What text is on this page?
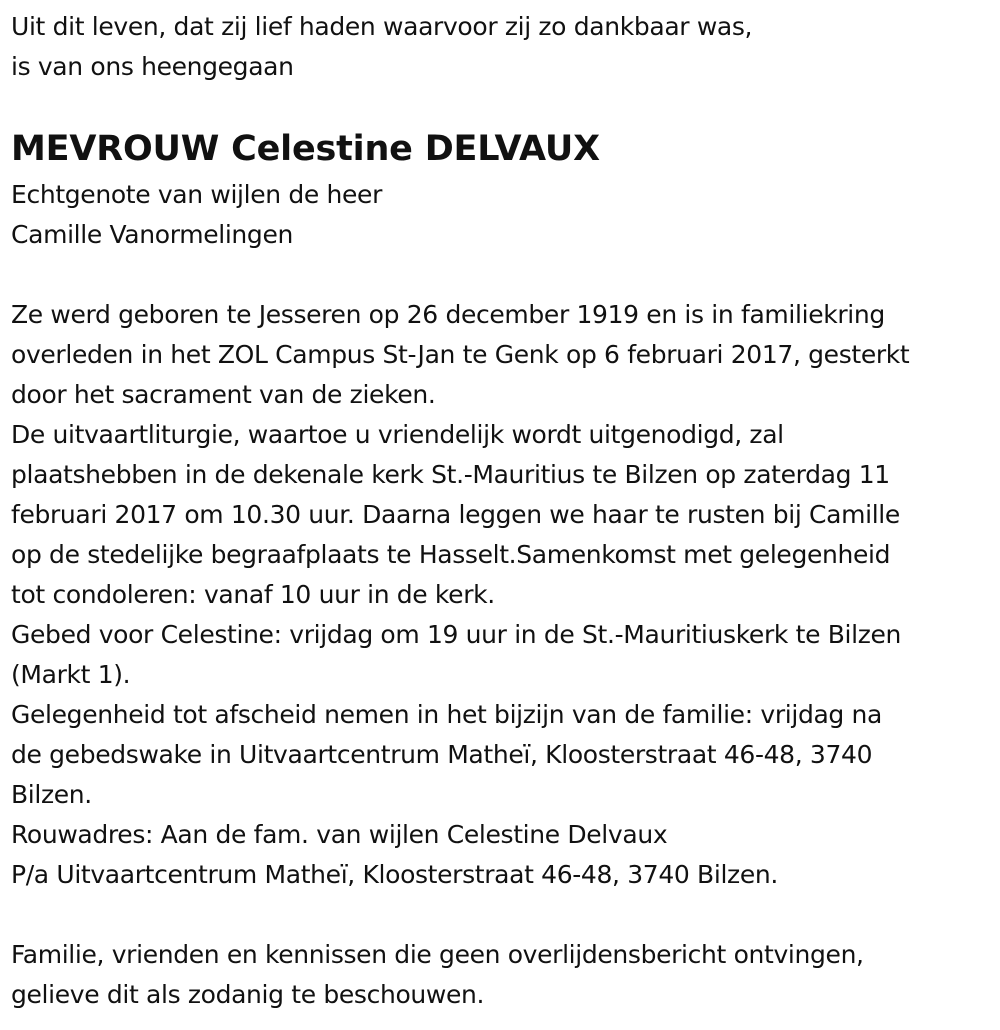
Uit dit leven, dat zij lief haden waarvoor zij zo dankbaar was,
is van ons heengegaan
MEVROUW Celestine DELVAUX
Echtgenote van wijlen de heer
Camille Vanormelingen
Ze werd geboren te Jesseren op 26 december 1919 en is in familiekring
overleden in het ZOL Campus St-Jan te Genk op 6 februari 2017, gesterkt
door het sacrament van de zieken.
De uitvaartliturgie, waartoe u vriendelijk wordt uitgenodigd, zal
plaatshebben in de dekenale kerk St.-Mauritius te Bilzen op zaterdag 11
februari 2017 om 10.30 uur. Daarna leggen we haar te rusten bij Camille
op de stedelijke begraafplaats te Hasselt.Samenkomst met gelegenheid
tot condoleren: vanaf 10 uur in de kerk.
Gebed voor Celestine: vrijdag om 19 uur in de St.-Mauritiuskerk te Bilzen
(Markt 1).
Gelegenheid tot afscheid nemen in het bijzijn van de familie: vrijdag na
de gebedswake in Uitvaartcentrum Matheï, Kloosterstraat 46-48, 3740
Bilzen.
Rouwadres: Aan de fam. van wijlen Celestine Delvaux
P/a Uitvaartcentrum Matheï, Kloosterstraat 46-48, 3740 Bilzen.
Familie, vrienden en kennissen die geen overlijdensbericht ontvingen,
gelieve dit als zodanig te beschouwen.
